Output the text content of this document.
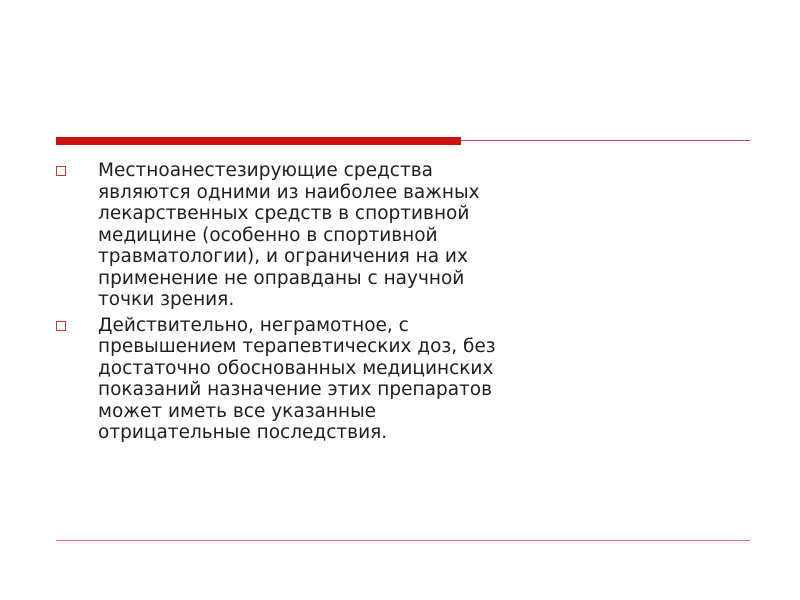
Местноанестезирующие средства
являются одними из наиболее важных
лекарственных средств в спортивной
медицине (особенно в спортивной
травматологии), и ограничения на их
применение не оправданы с научной
точки зрения.
Действительно, неграмотное, с
превышением терапевтических доз, без
достаточно обоснованных медицинских
показаний назначение этих препаратов
может иметь все указанные
отрицательные последствия.
